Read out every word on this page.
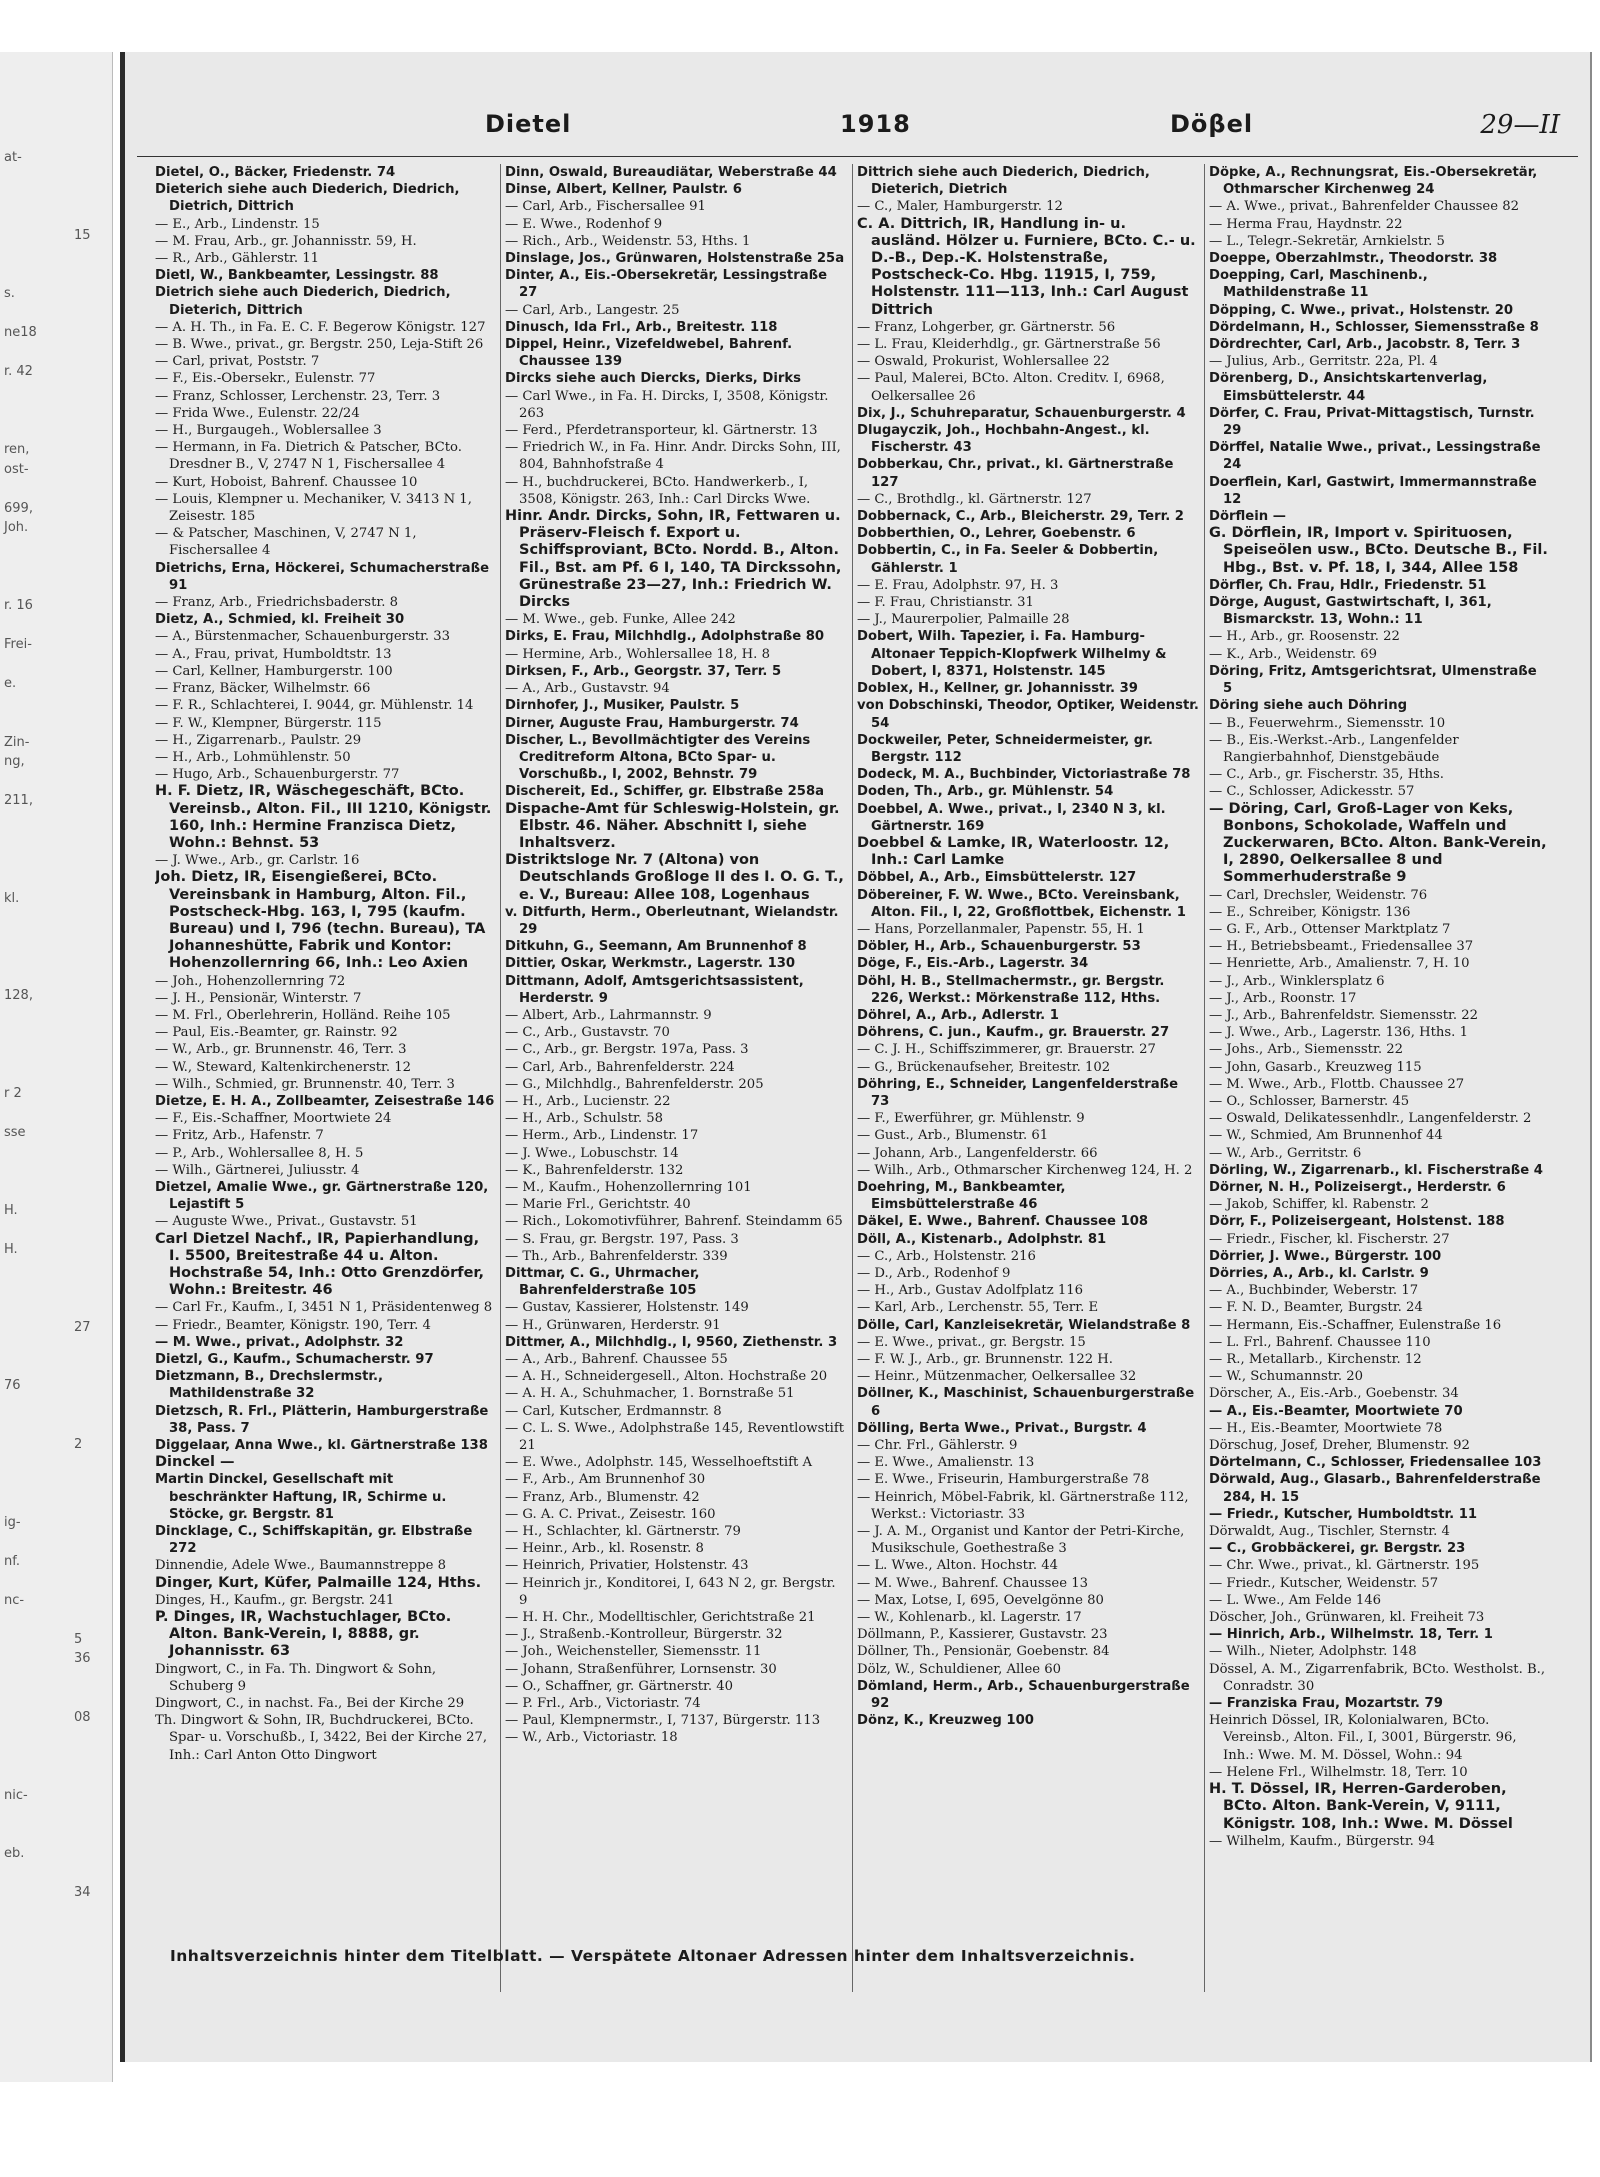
at-
15
s.
ne18
r. 42
ren,
ost-
699,
Joh.
r. 16
Frei-
e.
Zin-
ng,
211,
kl.
128,
r 2
sse
H.
H.
27
76
2
ig-
nf.
nc-
5
36
08
nic-
eb.
34
Dietel	1918	Döβel	29—II

Dietel, O., Bäcker, Friedenstr. 74

Dieterich siehe auch Diederich, Diedrich, Dietrich, Dittrich

— E., Arb., Lindenstr. 15

— M. Frau, Arb., gr. Johannisstr. 59, H.

— R., Arb., Gählerstr. 11

Dietl, W., Bankbeamter, Lessingstr. 88

Dietrich siehe auch Diederich, Diedrich, Dieterich, Dittrich

— A. H. Th., in Fa. E. C. F. Begerow Königstr. 127

— B. Wwe., privat., gr. Bergstr. 250, Leja-Stift 26

— Carl, privat, Poststr. 7

— F., Eis.-Obersekr., Eulenstr. 77

— Franz, Schlosser, Lerchenstr. 23, Terr. 3

— Frida Wwe., Eulenstr. 22/24

— H., Burgaugeh., Woblersallee 3

— Hermann, in Fa. Dietrich & Patscher, BCto. Dresdner B., V, 2747 N 1, Fischersallee 4

— Kurt, Hoboist, Bahrenf. Chaussee 10

— Louis, Klempner u. Mechaniker, V. 3413 N 1, Zeisestr. 185

— & Patscher, Maschinen, V, 2747 N 1, Fischersallee 4

Dietrichs, Erna, Höckerei, Schumacherstraße 91

— Franz, Arb., Friedrichsbaderstr. 8

Dietz, A., Schmied, kl. Freiheit 30

— A., Bürstenmacher, Schauenburgerstr. 33

— A., Frau, privat, Humboldtstr. 13

— Carl, Kellner, Hamburgerstr. 100

— Franz, Bäcker, Wilhelmstr. 66

— F. R., Schlachterei, I. 9044, gr. Mühlenstr. 14

— F. W., Klempner, Bürgerstr. 115

— H., Zigarrenarb., Paulstr. 29

— H., Arb., Lohmühlenstr. 50

— Hugo, Arb., Schauenburgerstr. 77

H. F. Dietz, IR, Wäschegeschäft, BCto. Vereinsb., Alton. Fil., III 1210, Königstr. 160, Inh.: Hermine Franzisca Dietz, Wohn.: Behnst. 53

— J. Wwe., Arb., gr. Carlstr. 16

Joh. Dietz, IR, Eisengießerei, BCto. Vereinsbank in Hamburg, Alton. Fil., Postscheck-Hbg. 163, I, 795 (kaufm. Bureau) und I, 796 (techn. Bureau), TA Johanneshütte, Fabrik und Kontor: Hohenzollernring 66, Inh.: Leo Axien

— Joh., Hohenzollernring 72

— J. H., Pensionär, Winterstr. 7

— M. Frl., Oberlehrerin, Holländ. Reihe 105

— Paul, Eis.-Beamter, gr. Rainstr. 92

— W., Arb., gr. Brunnenstr. 46, Terr. 3

— W., Steward, Kaltenkirchenerstr. 12

— Wilh., Schmied, gr. Brunnenstr. 40, Terr. 3

Dietze, E. H. A., Zollbeamter, Zeisestraße 146

— F., Eis.-Schaffner, Moortwiete 24

— Fritz, Arb., Hafenstr. 7

— P., Arb., Wohlersallee 8, H. 5

— Wilh., Gärtnerei, Juliusstr. 4

Dietzel, Amalie Wwe., gr. Gärtnerstraße 120, Lejastift 5

— Auguste Wwe., Privat., Gustavstr. 51

Carl Dietzel Nachf., IR, Papierhandlung, I. 5500, Breitestraße 44 u. Alton. Hochstraße 54, Inh.: Otto Grenzdörfer, Wohn.: Breitestr. 46

— Carl Fr., Kaufm., I, 3451 N 1, Präsidentenweg 8

— Friedr., Beamter, Königstr. 190, Terr. 4

— M. Wwe., privat., Adolphstr. 32

Dietzl, G., Kaufm., Schumacherstr. 97

Dietzmann, B., Drechslermstr., Mathildenstraße 32

Dietzsch, R. Frl., Plätterin, Hamburgerstraße 38, Pass. 7

Diggelaar, Anna Wwe., kl. Gärtnerstraße 138

Dinckel —

Martin Dinckel, Gesellschaft mit beschränkter Haftung, IR, Schirme u. Stöcke, gr. Bergstr. 81

Dincklage, C., Schiffskapitän, gr. Elbstraße 272

Dinnendie, Adele Wwe., Baumannstreppe 8

Dinger, Kurt, Küfer, Palmaille 124, Hths.

Dinges, H., Kaufm., gr. Bergstr. 241

P. Dinges, IR, Wachstuchlager, BCto. Alton. Bank-Verein, I, 8888, gr. Johannisstr. 63

Dingwort, C., in Fa. Th. Dingwort & Sohn, Schuberg 9

Dingwort, C., in nachst. Fa., Bei der Kirche 29

Th. Dingwort & Sohn, IR, Buchdruckerei, BCto. Spar- u. Vorschußb., I, 3422, Bei der Kirche 27, Inh.: Carl Anton Otto Dingwort

Dinn, Oswald, Bureaudiätar, Weberstraße 44

Dinse, Albert, Kellner, Paulstr. 6

— Carl, Arb., Fischersallee 91

— E. Wwe., Rodenhof 9

— Rich., Arb., Weidenstr. 53, Hths. 1

Dinslage, Jos., Grünwaren, Holstenstraße 25a

Dinter, A., Eis.-Obersekretär, Lessingstraße 27

— Carl, Arb., Langestr. 25

Dinusch, Ida Frl., Arb., Breitestr. 118

Dippel, Heinr., Vizefeldwebel, Bahrenf. Chaussee 139

Dircks siehe auch Diercks, Dierks, Dirks

— Carl Wwe., in Fa. H. Dircks, I, 3508, Königstr. 263

— Ferd., Pferdetransporteur, kl. Gärtnerstr. 13

— Friedrich W., in Fa. Hinr. Andr. Dircks Sohn, III, 804, Bahnhofstraße 4

— H., buchdruckerei, BCto. Handwerkerb., I, 3508, Königstr. 263, Inh.: Carl Dircks Wwe.

Hinr. Andr. Dircks, Sohn, IR, Fettwaren u. Präserv-Fleisch f. Export u. Schiffsproviant, BCto. Nordd. B., Alton. Fil., Bst. am Pf. 6 I, 140, TA Dirckssohn, Grünestraße 23—27, Inh.: Friedrich W. Dircks

— M. Wwe., geb. Funke, Allee 242

Dirks, E. Frau, Milchhdlg., Adolphstraße 80

— Hermine, Arb., Wohlersallee 18, H. 8

Dirksen, F., Arb., Georgstr. 37, Terr. 5

— A., Arb., Gustavstr. 94

Dirnhofer, J., Musiker, Paulstr. 5

Dirner, Auguste Frau, Hamburgerstr. 74

Discher, L., Bevollmächtigter des Vereins Creditreform Altona, BCto Spar- u. Vorschußb., I, 2002, Behnstr. 79

Dischereit, Ed., Schiffer, gr. Elbstraße 258a

Dispache-Amt für Schleswig-Holstein, gr. Elbstr. 46. Näher. Abschnitt I, siehe Inhaltsverz.

Distriktsloge Nr. 7 (Altona) von Deutschlands Großloge II des I. O. G. T., e. V., Bureau: Allee 108, Logenhaus

v. Ditfurth, Herm., Oberleutnant, Wielandstr. 29

Ditkuhn, G., Seemann, Am Brunnenhof 8

Dittier, Oskar, Werkmstr., Lagerstr. 130

Dittmann, Adolf, Amtsgerichtsassistent, Herderstr. 9

— Albert, Arb., Lahrmannstr. 9

— C., Arb., Gustavstr. 70

— C., Arb., gr. Bergstr. 197a, Pass. 3

— Carl, Arb., Bahrenfelderstr. 224

— G., Milchhdlg., Bahrenfelderstr. 205

— H., Arb., Lucienstr. 22

— H., Arb., Schulstr. 58

— Herm., Arb., Lindenstr. 17

— J. Wwe., Lobuschstr. 14

— K., Bahrenfelderstr. 132

— M., Kaufm., Hohenzollernring 101

— Marie Frl., Gerichtstr. 40

— Rich., Lokomotivführer, Bahrenf. Steindamm 65

— S. Frau, gr. Bergstr. 197, Pass. 3

— Th., Arb., Bahrenfelderstr. 339

Dittmar, C. G., Uhrmacher, Bahrenfelderstraße 105

— Gustav, Kassierer, Holstenstr. 149

— H., Grünwaren, Herderstr. 91

Dittmer, A., Milchhdlg., I, 9560, Ziethenstr. 3

— A., Arb., Bahrenf. Chaussee 55

— A. H., Schneidergesell., Alton. Hochstraße 20

— A. H. A., Schuhmacher, 1. Bornstraße 51

— Carl, Kutscher, Erdmannstr. 8

— C. L. S. Wwe., Adolphstraße 145, Reventlowstift 21

— E. Wwe., Adolphstr. 145, Wesselhoeftstift A

— F., Arb., Am Brunnenhof 30

— Franz, Arb., Blumenstr. 42

— G. A. C. Privat., Zeisestr. 160

— H., Schlachter, kl. Gärtnerstr. 79

— Heinr., Arb., kl. Rosenstr. 8

— Heinrich, Privatier, Holstenstr. 43

— Heinrich jr., Konditorei, I, 643 N 2, gr. Bergstr. 9

— H. H. Chr., Modelltischler, Gerichtstraße 21

— J., Straßenb.-Kontrolleur, Bürgerstr. 32

— Joh., Weichensteller, Siemensstr. 11

— Johann, Straßenführer, Lornsenstr. 30

— O., Schaffner, gr. Gärtnerstr. 40

— P. Frl., Arb., Victoriastr. 74

— Paul, Klempnermstr., I, 7137, Bürgerstr. 113

— W., Arb., Victoriastr. 18

Dittrich siehe auch Diederich, Diedrich, Dieterich, Dietrich

— C., Maler, Hamburgerstr. 12

C. A. Dittrich, IR, Handlung in- u. ausländ. Hölzer u. Furniere, BCto. C.- u. D.-B., Dep.-K. Holstenstraße, Postscheck-Co. Hbg. 11915, I, 759, Holstenstr. 111—113, Inh.: Carl August Dittrich

— Franz, Lohgerber, gr. Gärtnerstr. 56

— L. Frau, Kleiderhdlg., gr. Gärtnerstraße 56

— Oswald, Prokurist, Wohlersallee 22

— Paul, Malerei, BCto. Alton. Creditv. I, 6968, Oelkersallee 26

Dix, J., Schuhreparatur, Schauenburgerstr. 4

Dlugayczik, Joh., Hochbahn-Angest., kl. Fischerstr. 43

Dobberkau, Chr., privat., kl. Gärtnerstraße 127

— C., Brothdlg., kl. Gärtnerstr. 127

Dobbernack, C., Arb., Bleicherstr. 29, Terr. 2

Dobberthien, O., Lehrer, Goebenstr. 6

Dobbertin, C., in Fa. Seeler & Dobbertin, Gählerstr. 1

— E. Frau, Adolphstr. 97, H. 3

— F. Frau, Christianstr. 31

— J., Maurerpolier, Palmaille 28

Dobert, Wilh. Tapezier, i. Fa. Hamburg-Altonaer Teppich-Klopfwerk Wilhelmy & Dobert, I, 8371, Holstenstr. 145

Doblex, H., Kellner, gr. Johannisstr. 39

von Dobschinski, Theodor, Optiker, Weidenstr. 54

Dockweiler, Peter, Schneidermeister, gr. Bergstr. 112

Dodeck, M. A., Buchbinder, Victoriastraße 78

Doden, Th., Arb., gr. Mühlenstr. 54

Doebbel, A. Wwe., privat., I, 2340 N 3, kl. Gärtnerstr. 169

Doebbel & Lamke, IR, Waterloostr. 12, Inh.: Carl Lamke

Döbbel, A., Arb., Eimsbüttelerstr. 127

Döbereiner, F. W. Wwe., BCto. Vereinsbank, Alton. Fil., I, 22, Großflottbek, Eichenstr. 1

— Hans, Porzellanmaler, Papenstr. 55, H. 1

Döbler, H., Arb., Schauenburgerstr. 53

Döge, F., Eis.-Arb., Lagerstr. 34

Döhl, H. B., Stellmachermstr., gr. Bergstr. 226, Werkst.: Mörkenstraße 112, Hths.

Döhrel, A., Arb., Adlerstr. 1

Döhrens, C. jun., Kaufm., gr. Brauerstr. 27

— C. J. H., Schiffszimmerer, gr. Brauerstr. 27

— G., Brückenaufseher, Breitestr. 102

Döhring, E., Schneider, Langenfelderstraße 73

— F., Ewerführer, gr. Mühlenstr. 9

— Gust., Arb., Blumenstr. 61

— Johann, Arb., Langenfelderstr. 66

— Wilh., Arb., Othmarscher Kirchenweg 124, H. 2

Doehring, M., Bankbeamter, Eimsbüttelerstraße 46

Däkel, E. Wwe., Bahrenf. Chaussee 108

Döll, A., Kistenarb., Adolphstr. 81

— C., Arb., Holstenstr. 216

— D., Arb., Rodenhof 9

— H., Arb., Gustav Adolfplatz 116

— Karl, Arb., Lerchenstr. 55, Terr. E

Dölle, Carl, Kanzleisekretär, Wielandstraße 8

— E. Wwe., privat., gr. Bergstr. 15

— F. W. J., Arb., gr. Brunnenstr. 122 H.

— Heinr., Mützenmacher, Oelkersallee 32

Döllner, K., Maschinist, Schauenburgerstraße 6

Dölling, Berta Wwe., Privat., Burgstr. 4

— Chr. Frl., Gählerstr. 9

— E. Wwe., Amalienstr. 13

— E. Wwe., Friseurin, Hamburgerstraße 78

— Heinrich, Möbel-Fabrik, kl. Gärtnerstraße 112, Werkst.: Victoriastr. 33

— J. A. M., Organist und Kantor der Petri-Kirche, Musikschule, Goethestraße 3

— L. Wwe., Alton. Hochstr. 44

— M. Wwe., Bahrenf. Chaussee 13

— Max, Lotse, I, 695, Oevelgönne 80

— W., Kohlenarb., kl. Lagerstr. 17

Döllmann, P., Kassierer, Gustavstr. 23

Döllner, Th., Pensionär, Goebenstr. 84

Dölz, W., Schuldiener, Allee 60

Dömland, Herm., Arb., Schauenburgerstraße 92

Dönz, K., Kreuzweg 100

Döpke, A., Rechnungsrat, Eis.-Obersekretär, Othmarscher Kirchenweg 24

— A. Wwe., privat., Bahrenfelder Chaussee 82

— Herma Frau, Haydnstr. 22

— L., Telegr.-Sekretär, Arnkielstr. 5

Doeppe, Oberzahlmstr., Theodorstr. 38

Doepping, Carl, Maschinenb., Mathildenstraße 11

Döpping, C. Wwe., privat., Holstenstr. 20

Dördelmann, H., Schlosser, Siemensstraße 8

Dördrechter, Carl, Arb., Jacobstr. 8, Terr. 3

— Julius, Arb., Gerritstr. 22a, Pl. 4

Dörenberg, D., Ansichtskartenverlag, Eimsbüttelerstr. 44

Dörfer, C. Frau, Privat-Mittagstisch, Turnstr. 29

Dörffel, Natalie Wwe., privat., Lessingstraße 24

Doerflein, Karl, Gastwirt, Immermannstraße 12

Dörflein —

G. Dörflein, IR, Import v. Spirituosen, Speiseölen usw., BCto. Deutsche B., Fil. Hbg., Bst. v. Pf. 18, I, 344, Allee 158

Dörfler, Ch. Frau, Hdlr., Friedenstr. 51

Dörge, August, Gastwirtschaft, I, 361, Bismarckstr. 13, Wohn.: 11

— H., Arb., gr. Roosenstr. 22

— K., Arb., Weidenstr. 69

Döring, Fritz, Amtsgerichtsrat, Ulmenstraße 5

Döring siehe auch Döhring

— B., Feuerwehrm., Siemensstr. 10

— B., Eis.-Werkst.-Arb., Langenfelder Rangierbahnhof, Dienstgebäude

— C., Arb., gr. Fischerstr. 35, Hths.

— C., Schlosser, Adickesstr. 57

— Döring, Carl, Groß-Lager von Keks, Bonbons, Schokolade, Waffeln und Zuckerwaren, BCto. Alton. Bank-Verein, I, 2890, Oelkersallee 8 und Sommerhuderstraße 9

— Carl, Drechsler, Weidenstr. 76

— E., Schreiber, Königstr. 136

— G. F., Arb., Ottenser Marktplatz 7

— H., Betriebsbeamt., Friedensallee 37

— Henriette, Arb., Amalienstr. 7, H. 10

— J., Arb., Winklersplatz 6

— J., Arb., Roonstr. 17

— J., Arb., Bahrenfeldstr. Siemensstr. 22

— J. Wwe., Arb., Lagerstr. 136, Hths. 1

— Johs., Arb., Siemensstr. 22

— John, Gasarb., Kreuzweg 115

— M. Wwe., Arb., Flottb. Chaussee 27

— O., Schlosser, Barnerstr. 45

— Oswald, Delikatessenhdlr., Langenfelderstr. 2

— W., Schmied, Am Brunnenhof 44

— W., Arb., Gerritstr. 6

Dörling, W., Zigarrenarb., kl. Fischerstraße 4

Dörner, N. H., Polizeisergt., Herderstr. 6

— Jakob, Schiffer, kl. Rabenstr. 2

Dörr, F., Polizeisergeant, Holstenst. 188

— Friedr., Fischer, kl. Fischerstr. 27

Dörrier, J. Wwe., Bürgerstr. 100

Dörries, A., Arb., kl. Carlstr. 9

— A., Buchbinder, Weberstr. 17

— F. N. D., Beamter, Burgstr. 24

— Hermann, Eis.-Schaffner, Eulenstraße 16

— L. Frl., Bahrenf. Chaussee 110

— R., Metallarb., Kirchenstr. 12

— W., Schumannstr. 20

Dörscher, A., Eis.-Arb., Goebenstr. 34

— A., Eis.-Beamter, Moortwiete 70

— H., Eis.-Beamter, Moortwiete 78

Dörschug, Josef, Dreher, Blumenstr. 92

Dörtelmann, C., Schlosser, Friedensallee 103

Dörwald, Aug., Glasarb., Bahrenfelderstraße 284, H. 15

— Friedr., Kutscher, Humboldtstr. 11

Dörwaldt, Aug., Tischler, Sternstr. 4

— C., Grobbäckerei, gr. Bergstr. 23

— Chr. Wwe., privat., kl. Gärtnerstr. 195

— Friedr., Kutscher, Weidenstr. 57

— L. Wwe., Am Felde 146

Döscher, Joh., Grünwaren, kl. Freiheit 73

— Hinrich, Arb., Wilhelmstr. 18, Terr. 1

— Wilh., Nieter, Adolphstr. 148

Dössel, A. M., Zigarrenfabrik, BCto. Westholst. B., Conradstr. 30

— Franziska Frau, Mozartstr. 79

Heinrich Dössel, IR, Kolonialwaren, BCto. Vereinsb., Alton. Fil., I, 3001, Bürgerstr. 96, Inh.: Wwe. M. M. Dössel, Wohn.: 94

— Helene Frl., Wilhelmstr. 18, Terr. 10

H. T. Dössel, IR, Herren-Garderoben, BCto. Alton. Bank-Verein, V, 9111, Königstr. 108, Inh.: Wwe. M. Dössel

— Wilhelm, Kaufm., Bürgerstr. 94

Inhaltsverzeichnis hinter dem Titelblatt. — Verspätete Altonaer Adressen hinter dem Inhaltsverzeichnis.
